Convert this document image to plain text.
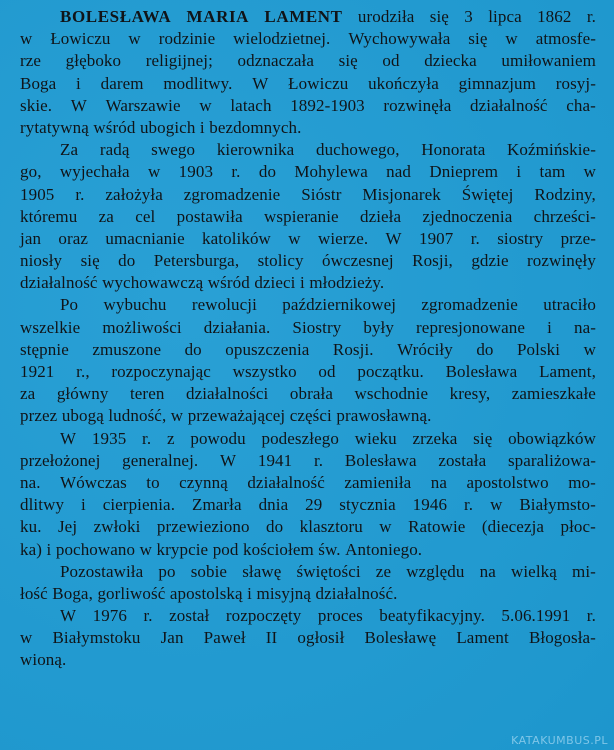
BOLESŁAWA MARIA LAMENT urodziła się 3 lipca 1862 r.
w Łowiczu w rodzinie wielodzietnej. Wychowywała się w atmosfe-
rze głęboko religijnej; odznaczała się od dziecka umiłowaniem
Boga i darem modlitwy. W Łowiczu ukończyła gimnazjum rosyj-
skie. W Warszawie w latach 1892-1903 rozwinęła działalność cha-
rytatywną wśród ubogich i bezdomnych.
Za radą swego kierownika duchowego, Honorata Koźmińskie-
go, wyjechała w 1903 r. do Mohylewa nad Dnieprem i tam w
1905 r. założyła zgromadzenie Sióstr Misjonarek Świętej Rodziny,
któremu za cel postawiła wspieranie dzieła zjednoczenia chrześci-
jan oraz umacnianie katolików w wierze. W 1907 r. siostry prze-
niosły się do Petersburga, stolicy ówczesnej Rosji, gdzie rozwinęły
działalność wychowawczą wśród dzieci i młodzieży.
Po wybuchu rewolucji październikowej zgromadzenie utraciło
wszelkie możliwości działania. Siostry były represjonowane i na-
stępnie zmuszone do opuszczenia Rosji. Wróciły do Polski w
1921 r., rozpoczynając wszystko od początku. Bolesława Lament,
za główny teren działalności obrała wschodnie kresy, zamieszkałe
przez ubogą ludność, w przeważającej części prawosławną.
W 1935 r. z powodu podeszłego wieku zrzeka się obowiązków
przełożonej generalnej. W 1941 r. Bolesława została sparaliżowa-
na. Wówczas to czynną działalność zamieniła na apostolstwo mo-
dlitwy i cierpienia. Zmarła dnia 29 stycznia 1946 r. w Białymsto-
ku. Jej zwłoki przewieziono do klasztoru w Ratowie (diecezja płoc-
ka) i pochowano w krypcie pod kościołem św. Antoniego.
Pozostawiła po sobie sławę świętości ze względu na wielką mi-
łość Boga, gorliwość apostolską i misyjną działalność.
W 1976 r. został rozpoczęty proces beatyfikacyjny. 5.06.1991 r.
w Białymstoku Jan Paweł II ogłosił Bolesławę Lament Błogosła-
wioną.
KATAKUMBUS.PL
